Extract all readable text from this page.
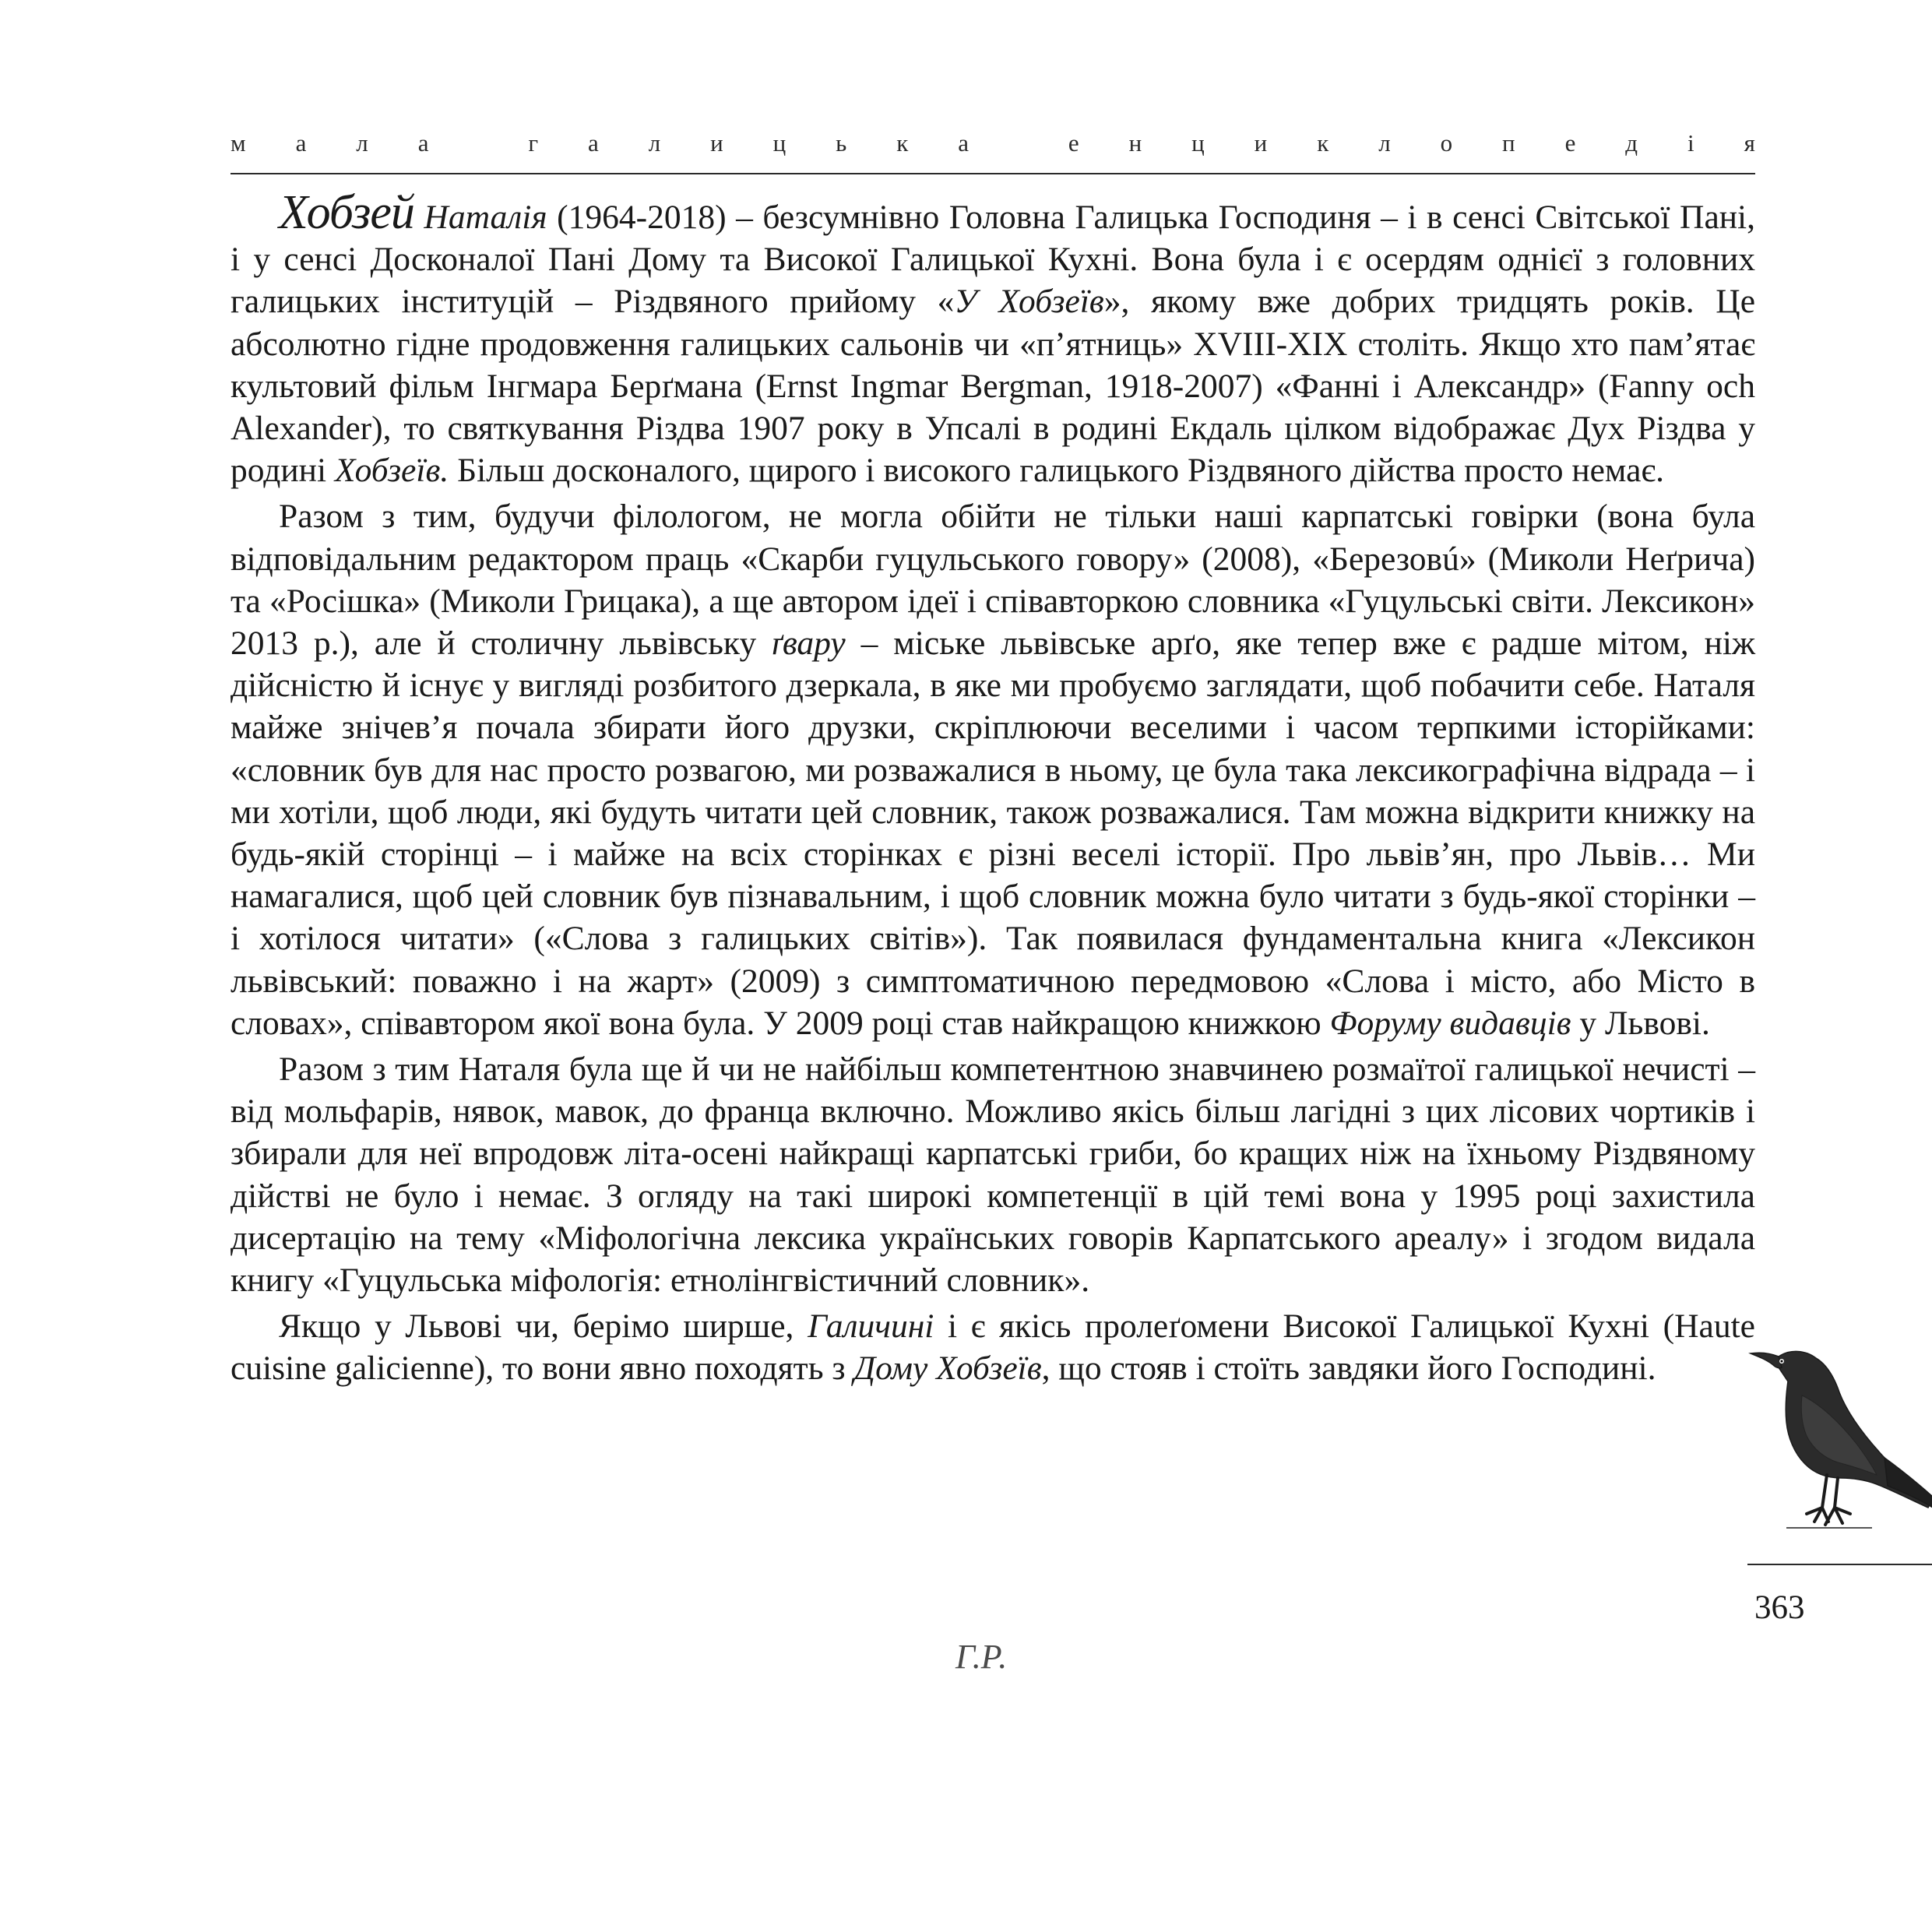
м а л а	г а л и ц ь к а	е н ц и к л о п е д і я

Хобзей Наталія (1964-2018) – безсумнівно Головна Галицька Господиня – і в сенсі Світської Пані, і у сенсі Досконалої Пані Дому та Високої Галицької Кухні. Вона була і є осердям однієї з головних галицьких інституцій – Різдвяного прийому «У Хобзеїв», якому вже добрих тридцять років. Це абсолютно гідне продовження галицьких сальонів чи «п’ятниць» XVIII-XIX століть. Якщо хто пам’ятає культовий фільм Інгмара Берґмана (Ernst Ingmar Bergman, 1918-2007) «Фанні і Александр» (Fanny och Alexander), то святкування Різдва 1907 року в Упсалі в родині Екдаль цілком відображає Дух Різдва у родині Хобзеїв. Більш досконалого, щирого і високого галицького Різдвяного дійства просто немає.

Разом з тим, будучи філологом, не могла обійти не тільки наші карпатські говірки (вона була відповідальним редактором праць «Скарби гуцульського говору» (2008), «Березовú» (Миколи Неґрича) та «Росішка» (Миколи Грицака), а ще автором ідеї і співавторкою словника «Гуцульські світи. Лексикон» 2013 р.), але й столичну львівську ґвару – міське львівське арґо, яке тепер вже є радше мітом, ніж дійсністю й існує у вигляді розбитого дзеркала, в яке ми пробуємо заглядати, щоб побачити себе. Наталя майже знічев’я почала збирати його друзки, скріплюючи веселими і часом терпкими історійками: «словник був для нас просто розвагою, ми розважалися в ньому, це була така лексикографічна відрада – і ми хотіли, щоб люди, які будуть читати цей словник, також розважалися. Там можна відкрити книжку на будь-якій сторінці – і майже на всіх сторінках є різні веселі історії. Про львів’ян, про Львів… Ми намагалися, щоб цей словник був пізнавальним, і щоб словник можна було читати з будь-якої сторінки – і хотілося читати» («Слова з галицьких світів»). Так появилася фундаментальна книга «Лексикон львівський: поважно і на жарт» (2009) з симптоматичною передмовою «Слова і місто, або Місто в словах», співавтором якої вона була. У 2009 році став найкращою книжкою Форуму видавців у Львові.

Разом з тим Наталя була ще й чи не найбільш компетентною знавчинею розмаїтої галицької нечисті – від мольфарів, нявок, мавок, до франца включно. Можливо якісь більш лагідні з цих лісових чортиків і збирали для неї впродовж літа-осені найкращі карпатські гриби, бо кращих ніж на їхньому Різдвяному дійстві не було і немає. З огляду на такі широкі компетенції в цій темі вона у 1995 році захистила дисертацію на тему «Міфологічна лексика українських говорів Карпатського ареалу» і згодом видала книгу «Гуцульська міфологія: етнолінгвістичний словник».

Якщо у Львові чи, берімо ширше, Галичині і є якісь пролеґомени Високої Галицької Кухні (Haute cuisine galicienne), то вони явно походять з Дому Хобзеїв, що стояв і стоїть завдяки його Господині.

363
Г.Р.
